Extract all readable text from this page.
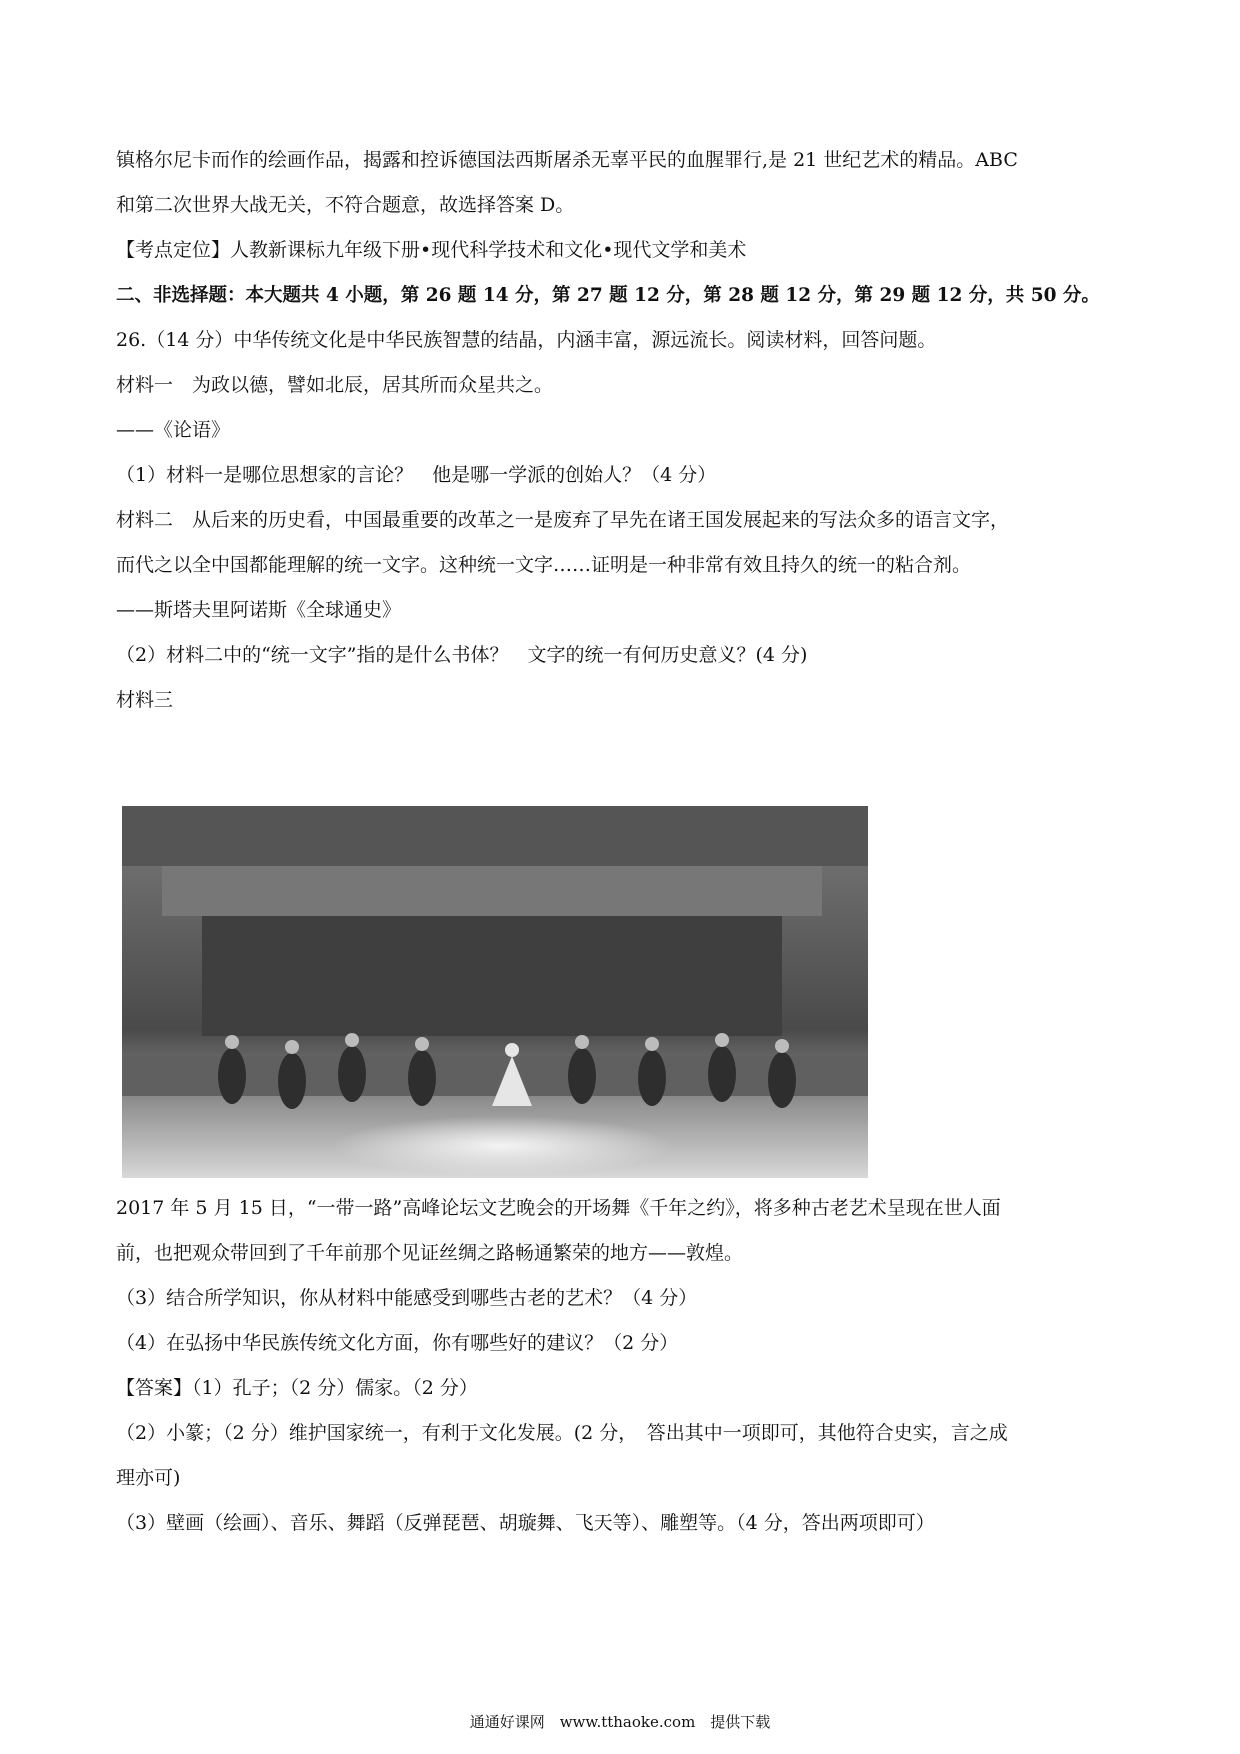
镇格尔尼卡而作的绘画作品，揭露和控诉德国法西斯屠杀无辜平民的血腥罪行,是 21 世纪艺术的精品。ABC

和第二次世界大战无关，不符合题意，故选择答案 D。

【考点定位】人教新课标九年级下册•现代科学技术和文化•现代文学和美术

二、非选择题：本大题共 4 小题，第 26 题 14 分，第 27 题 12 分，第 28 题 12 分，第 29 题 12 分，共 50 分。

26.（14 分）中华传统文化是中华民族智慧的结晶，内涵丰富，源远流长。阅读材料，回答问题。

材料一　为政以德，譬如北辰，居其所而众星共之。

——《论语》

（1）材料一是哪位思想家的言论？　他是哪一学派的创始人？（4 分）

材料二　从后来的历史看，中国最重要的改革之一是废弃了早先在诸王国发展起来的写法众多的语言文字，

而代之以全中国都能理解的统一文字。这种统一文字……证明是一种非常有效且持久的统一的粘合剂。

——斯塔夫里阿诺斯《全球通史》

（2）材料二中的“统一文字”指的是什么书体？　文字的统一有何历史意义？(4 分)

材料三

2017 年 5 月 15 日，“一带一路”高峰论坛文艺晚会的开场舞《千年之约》，将多种古老艺术呈现在世人面

前，也把观众带回到了千年前那个见证丝绸之路畅通繁荣的地方——敦煌。

（3）结合所学知识，你从材料中能感受到哪些古老的艺术？（4 分）

（4）在弘扬中华民族传统文化方面，你有哪些好的建议？（2 分）

【答案】（1）孔子；（2 分）儒家。（2 分）

（2）小篆；（2 分）维护国家统一，有利于文化发展。(2 分，　答出其中一项即可，其他符合史实，言之成

理亦可)

（3）壁画（绘画）、音乐、舞蹈（反弹琵琶、胡璇舞、飞天等）、雕塑等。（4 分，答出两项即可）

通通好课网　www.tthaoke.com　提供下载
